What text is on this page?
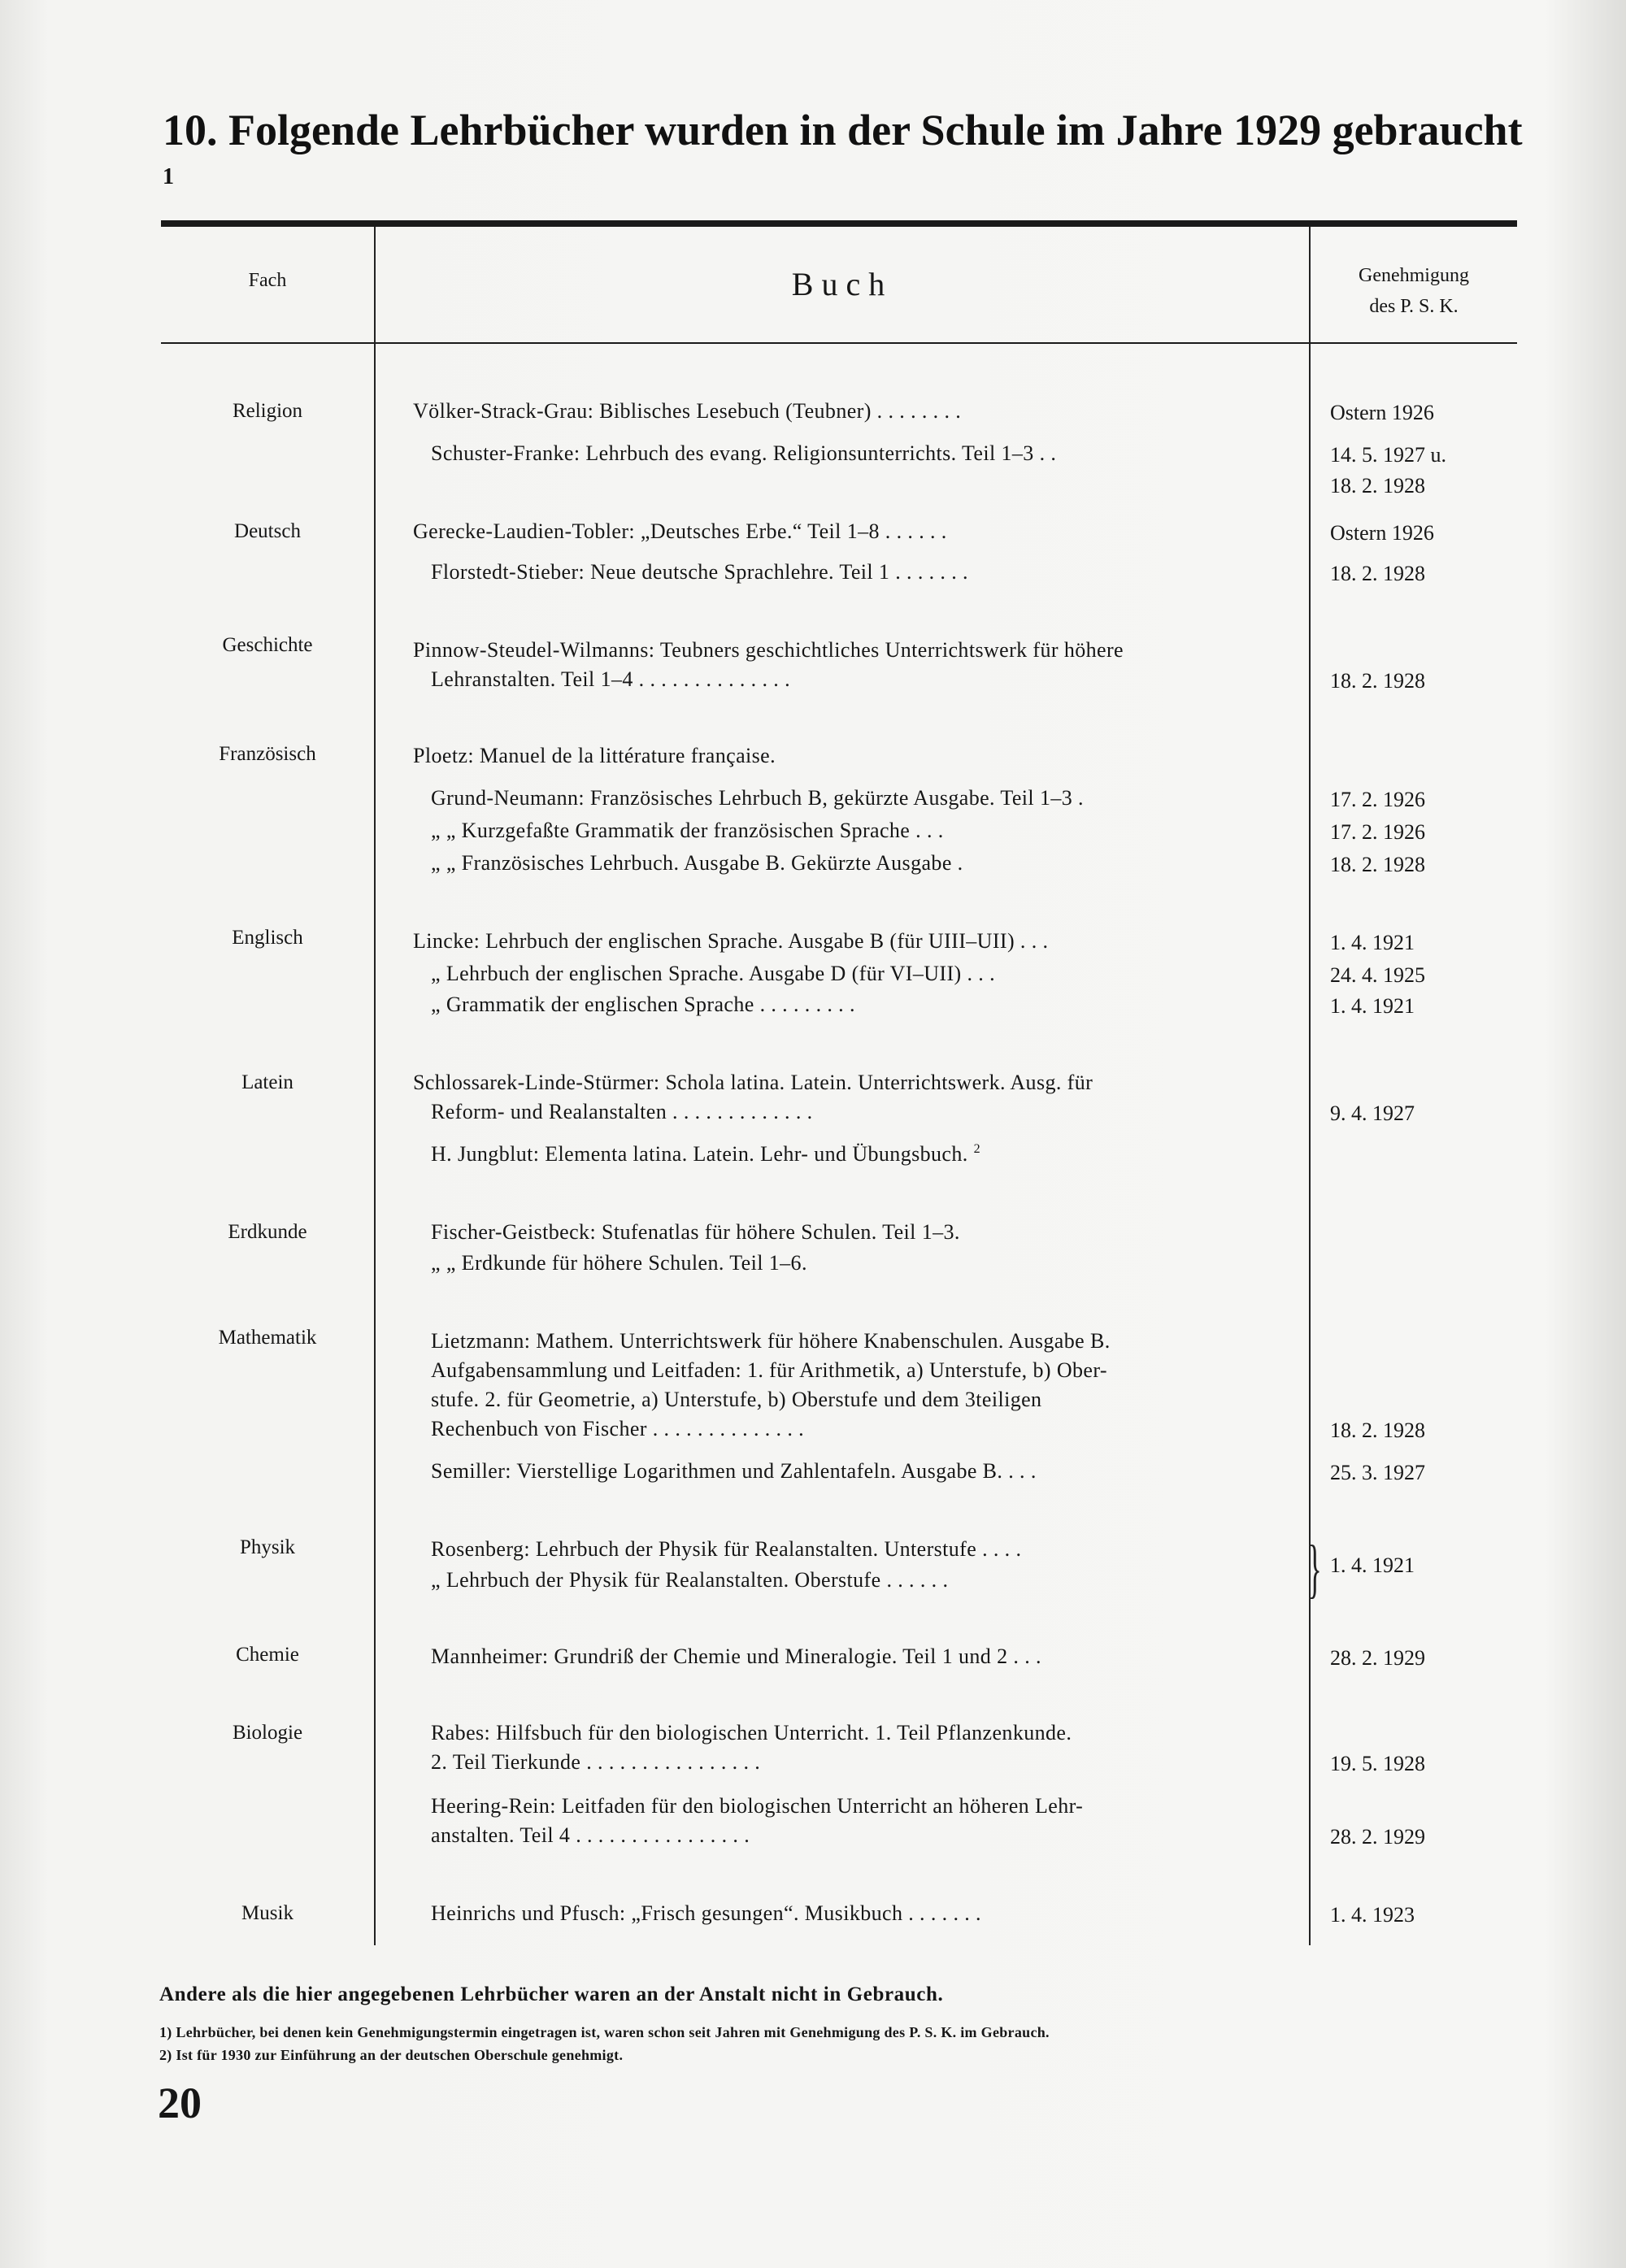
10. Folgende Lehrbücher wurden in der Schule im Jahre 1929 gebraucht $^1$
Fach	Buch	Genehmigung
des P. S. K.
Religion
Deutsch
Geschichte
Französisch
Englisch
Latein
Erdkunde
Mathematik
Physik
Chemie
Biologie
Musik
Völker-Strack-Grau: Biblisches Lesebuch (Teubner) . . . . . . . .
Schuster-Franke: Lehrbuch des evang. Religionsunterrichts. Teil 1–3 . .
Gerecke-Laudien-Tobler: „Deutsches Erbe.“ Teil 1–8 . . . . . .
Florstedt-Stieber: Neue deutsche Sprachlehre. Teil 1 . . . . . . .
Pinnow-Steudel-Wilmanns: Teubners geschichtliches Unterrichtswerk für höhere
Lehranstalten. Teil 1–4 . . . . . . . . . . . . . .
Ploetz: Manuel de la littérature française.
Grund-Neumann: Französisches Lehrbuch B, gekürzte Ausgabe. Teil 1–3 .
„ „ Kurzgefaßte Grammatik der französischen Sprache . . .
„ „ Französisches Lehrbuch. Ausgabe B. Gekürzte Ausgabe .
Lincke: Lehrbuch der englischen Sprache. Ausgabe B (für UIII–UII) . . .
„ Lehrbuch der englischen Sprache. Ausgabe D (für VI–UII) . . .
„ Grammatik der englischen Sprache . . . . . . . . .
Schlossarek-Linde-Stürmer: Schola latina. Latein. Unterrichtswerk. Ausg. für
Reform- und Realanstalten . . . . . . . . . . . . .
H. Jungblut: Elementa latina. Latein. Lehr- und Übungsbuch. $^2$
Fischer-Geistbeck: Stufenatlas für höhere Schulen. Teil 1–3.
„ „ Erdkunde für höhere Schulen. Teil 1–6.
Lietzmann: Mathem. Unterrichtswerk für höhere Knabenschulen. Ausgabe B.
Aufgabensammlung und Leitfaden: 1. für Arithmetik, a) Unterstufe, b) Ober-
stufe. 2. für Geometrie, a) Unterstufe, b) Oberstufe und dem 3teiligen
Rechenbuch von Fischer . . . . . . . . . . . . . .
Semiller: Vierstellige Logarithmen und Zahlentafeln. Ausgabe B. . . .
Rosenberg: Lehrbuch der Physik für Realanstalten. Unterstufe . . . .
„ Lehrbuch der Physik für Realanstalten. Oberstufe . . . . . .
Mannheimer: Grundriß der Chemie und Mineralogie. Teil 1 und 2 . . .
Rabes: Hilfsbuch für den biologischen Unterricht. 1. Teil Pflanzenkunde.
2. Teil Tierkunde . . . . . . . . . . . . . . . .
Heering-Rein: Leitfaden für den biologischen Unterricht an höheren Lehr-
anstalten. Teil 4 . . . . . . . . . . . . . . . .
Heinrichs und Pfusch: „Frisch gesungen“. Musikbuch . . . . . . .
Ostern 1926
14. 5. 1927 u.
18. 2. 1928
Ostern 1926
18. 2. 1928
18. 2. 1928
17. 2. 1926
17. 2. 1926
18. 2. 1928
1. 4. 1921
24. 4. 1925
1. 4. 1921
9. 4. 1927
18. 2. 1928
25. 3. 1927
} 1. 4. 1921
28. 2. 1929
19. 5. 1928
28. 2. 1929
1. 4. 1923
Andere als die hier angegebenen Lehrbücher waren an der Anstalt nicht in Gebrauch.
1) Lehrbücher, bei denen kein Genehmigungstermin eingetragen ist, waren schon seit Jahren mit Genehmigung des P. S. K. im Gebrauch.
2) Ist für 1930 zur Einführung an der deutschen Oberschule genehmigt.
20
